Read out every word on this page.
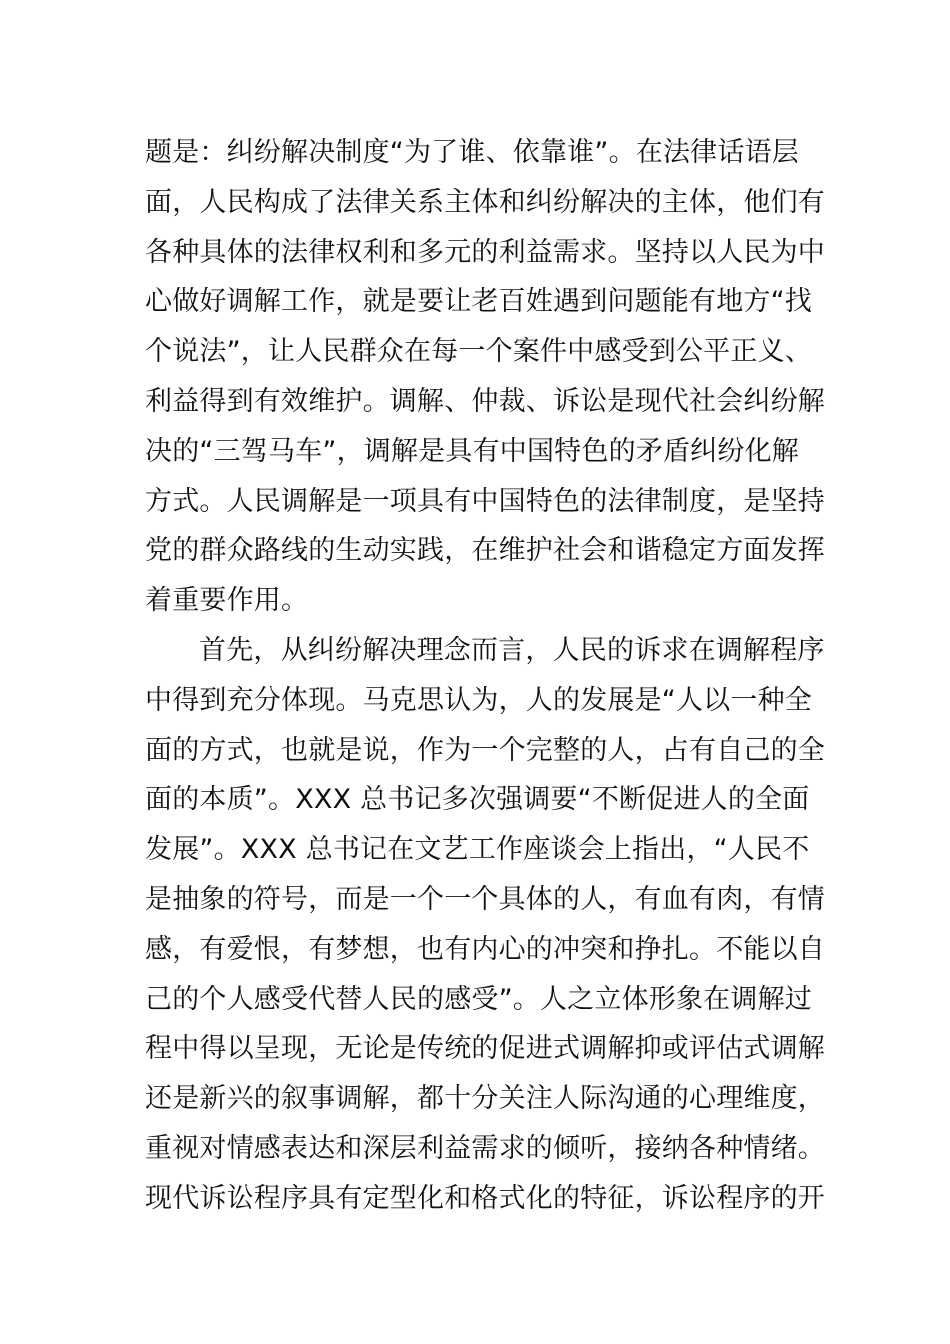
题是：纠纷解决制度“为了谁、依靠谁”。在法律话语层
面，人民构成了法律关系主体和纠纷解决的主体，他们有
各种具体的法律权利和多元的利益需求。坚持以人民为中
心做好调解工作，就是要让老百姓遇到问题能有地方“找
个说法”，让人民群众在每一个案件中感受到公平正义、
利益得到有效维护。调解、仲裁、诉讼是现代社会纠纷解
决的“三驾马车”，调解是具有中国特色的矛盾纠纷化解
方式。人民调解是一项具有中国特色的法律制度，是坚持
党的群众路线的生动实践，在维护社会和谐稳定方面发挥
着重要作用。
首先，从纠纷解决理念而言，人民的诉求在调解程序
中得到充分体现。马克思认为，人的发展是“人以一种全
面的方式，也就是说，作为一个完整的人，占有自己的全
面的本质”。XXX 总书记多次强调要“不断促进人的全面
发展”。XXX 总书记在文艺工作座谈会上指出，“人民不
是抽象的符号，而是一个一个具体的人，有血有肉，有情
感，有爱恨，有梦想，也有内心的冲突和挣扎。不能以自
己的个人感受代替人民的感受”。人之立体形象在调解过
程中得以呈现，无论是传统的促进式调解抑或评估式调解
还是新兴的叙事调解，都十分关注人际沟通的心理维度，
重视对情感表达和深层利益需求的倾听，接纳各种情绪。
现代诉讼程序具有定型化和格式化的特征，诉讼程序的开
